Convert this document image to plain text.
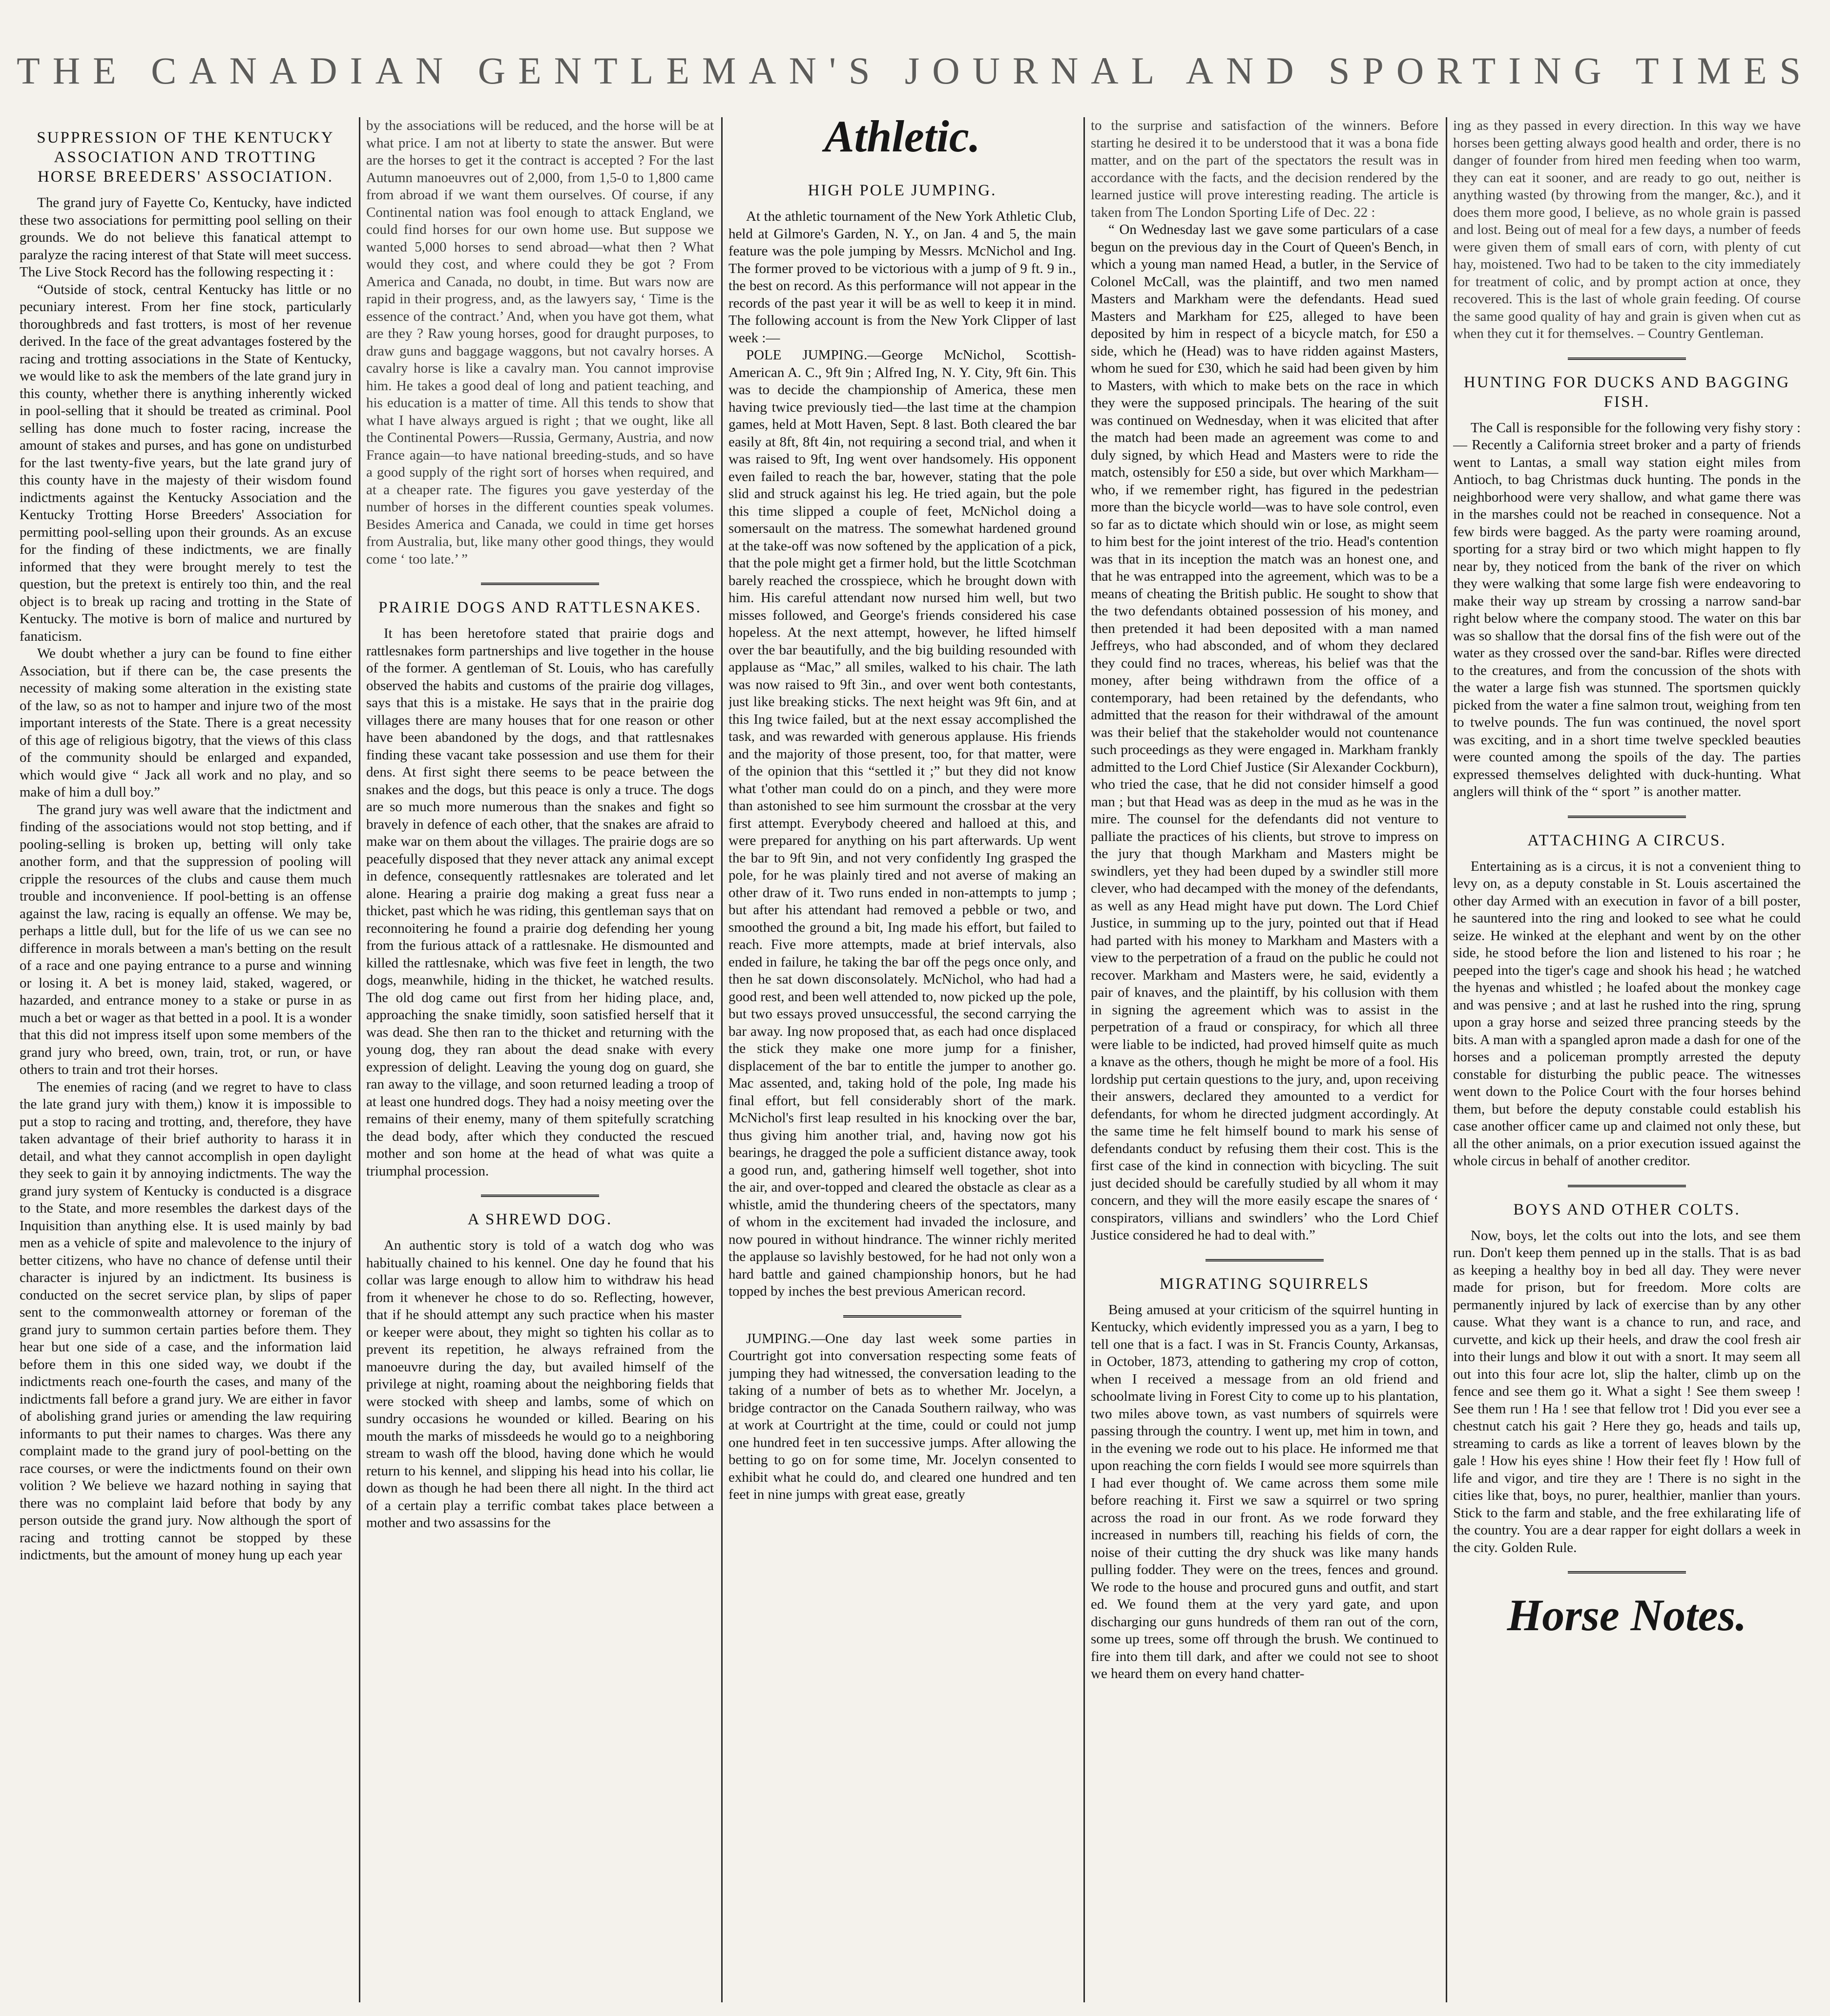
THE CANADIAN GENTLEMAN'S JOURNAL AND SPORTING TIMES
SUPPRESSION OF THE KENTUCKY ASSOCIATION AND TROTTING HORSE BREEDERS' ASSOCIATION.

The grand jury of Fayette Co, Kentucky, have indicted these two associations for permitting pool selling on their grounds. We do not believe this fanatical attempt to paralyze the racing interest of that State will meet success. The Live Stock Record has the following respecting it :

“Outside of stock, central Kentucky has little or no pecuniary interest. From her fine stock, particularly thoroughbreds and fast trotters, is most of her revenue derived. In the face of the great advantages fostered by the racing and trotting associations in the State of Kentucky, we would like to ask the members of the late grand jury in this county, whether there is anything inherently wicked in pool-selling that it should be treated as criminal. Pool selling has done much to foster racing, increase the amount of stakes and purses, and has gone on undisturbed for the last twenty-five years, but the late grand jury of this county have in the majesty of their wisdom found indictments against the Kentucky Association and the Kentucky Trotting Horse Breeders' Association for permitting pool-selling upon their grounds. As an excuse for the finding of these indictments, we are finally informed that they were brought merely to test the question, but the pretext is entirely too thin, and the real object is to break up racing and trotting in the State of Kentucky. The motive is born of malice and nurtured by fanaticism.

We doubt whether a jury can be found to fine either Association, but if there can be, the case presents the necessity of making some alteration in the existing state of the law, so as not to hamper and injure two of the most important interests of the State. There is a great necessity of this age of religious bigotry, that the views of this class of the community should be enlarged and expanded, which would give “ Jack all work and no play, and so make of him a dull boy.”

The grand jury was well aware that the indictment and finding of the associations would not stop betting, and if pooling-selling is broken up, betting will only take another form, and that the suppression of pooling will cripple the resources of the clubs and cause them much trouble and inconvenience. If pool-betting is an offense against the law, racing is equally an offense. We may be, perhaps a little dull, but for the life of us we can see no difference in morals between a man's betting on the result of a race and one paying entrance to a purse and winning or losing it. A bet is money laid, staked, wagered, or hazarded, and entrance money to a stake or purse in as much a bet or wager as that betted in a pool. It is a wonder that this did not impress itself upon some members of the grand jury who breed, own, train, trot, or run, or have others to train and trot their horses.

The enemies of racing (and we regret to have to class the late grand jury with them,) know it is impossible to put a stop to racing and trotting, and, therefore, they have taken advantage of their brief authority to harass it in detail, and what they cannot accomplish in open daylight they seek to gain it by annoying indictments. The way the grand jury system of Kentucky is conducted is a disgrace to the State, and more resembles the darkest days of the Inquisition than anything else. It is used mainly by bad men as a vehicle of spite and malevolence to the injury of better citizens, who have no chance of defense until their character is injured by an indictment. Its business is conducted on the secret service plan, by slips of paper sent to the commonwealth attorney or foreman of the grand jury to summon certain parties before them. They hear but one side of a case, and the information laid before them in this one sided way, we doubt if the indictments reach one-fourth the cases, and many of the indictments fall before a grand jury. We are either in favor of abolishing grand juries or amending the law requiring informants to put their names to charges. Was there any complaint made to the grand jury of pool-betting on the race courses, or were the indictments found on their own volition ? We believe we hazard nothing in saying that there was no complaint laid before that body by any person outside the grand jury. Now although the sport of racing and trotting cannot be stopped by these indictments, but the amount of money hung up each year

by the associations will be reduced, and the horse will be at what price. I am not at liberty to state the answer. But were are the horses to get it the contract is accepted ? For the last Autumn manoeuvres out of 2,000, from 1,5-0 to 1,800 came from abroad if we want them ourselves. Of course, if any Continental nation was fool enough to attack England, we could find horses for our own home use. But suppose we wanted 5,000 horses to send abroad—what then ? What would they cost, and where could they be got ? From America and Canada, no doubt, in time. But wars now are rapid in their progress, and, as the lawyers say, ‘ Time is the essence of the contract.’ And, when you have got them, what are they ? Raw young horses, good for draught purposes, to draw guns and baggage waggons, but not cavalry horses. A cavalry horse is like a cavalry man. You cannot improvise him. He takes a good deal of long and patient teaching, and his education is a matter of time. All this tends to show that what I have always argued is right ; that we ought, like all the Continental Powers—Russia, Germany, Austria, and now France again—to have national breeding-studs, and so have a good supply of the right sort of horses when required, and at a cheaper rate. The figures you gave yesterday of the number of horses in the different counties speak volumes. Besides America and Canada, we could in time get horses from Australia, but, like many other good things, they would come ‘ too late.’ ”

PRAIRIE DOGS AND RATTLESNAKES.

It has been heretofore stated that prairie dogs and rattlesnakes form partnerships and live together in the house of the former. A gentleman of St. Louis, who has carefully observed the habits and customs of the prairie dog villages, says that this is a mistake. He says that in the prairie dog villages there are many houses that for one reason or other have been abandoned by the dogs, and that rattlesnakes finding these vacant take possession and use them for their dens. At first sight there seems to be peace between the snakes and the dogs, but this peace is only a truce. The dogs are so much more numerous than the snakes and fight so bravely in defence of each other, that the snakes are afraid to make war on them about the villages. The prairie dogs are so peacefully disposed that they never attack any animal except in defence, consequently rattlesnakes are tolerated and let alone. Hearing a prairie dog making a great fuss near a thicket, past which he was riding, this gentleman says that on reconnoitering he found a prairie dog defending her young from the furious attack of a rattlesnake. He dismounted and killed the rattlesnake, which was five feet in length, the two dogs, meanwhile, hiding in the thicket, he watched results. The old dog came out first from her hiding place, and, approaching the snake timidly, soon satisfied herself that it was dead. She then ran to the thicket and returning with the young dog, they ran about the dead snake with every expression of delight. Leaving the young dog on guard, she ran away to the village, and soon returned leading a troop of at least one hundred dogs. They had a noisy meeting over the remains of their enemy, many of them spitefully scratching the dead body, after which they conducted the rescued mother and son home at the head of what was quite a triumphal procession.

A SHREWD DOG.

An authentic story is told of a watch dog who was habitually chained to his kennel. One day he found that his collar was large enough to allow him to withdraw his head from it whenever he chose to do so. Reflecting, however, that if he should attempt any such practice when his master or keeper were about, they might so tighten his collar as to prevent its repetition, he always refrained from the manoeuvre during the day, but availed himself of the privilege at night, roaming about the neighboring fields that were stocked with sheep and lambs, some of which on sundry occasions he wounded or killed. Bearing on his mouth the marks of missdeeds he would go to a neighboring stream to wash off the blood, having done which he would return to his kennel, and slipping his head into his collar, lie down as though he had been there all night. In the third act of a certain play a terrific combat takes place between a mother and two assassins for the

Athletic.
HIGH POLE JUMPING.

At the athletic tournament of the New York Athletic Club, held at Gilmore's Garden, N. Y., on Jan. 4 and 5, the main feature was the pole jumping by Messrs. McNichol and Ing. The former proved to be victorious with a jump of 9 ft. 9 in., the best on record. As this performance will not appear in the records of the past year it will be as well to keep it in mind. The following account is from the New York Clipper of last week :—

POLE JUMPING.—George McNichol, Scottish-American A. C., 9ft 9in ; Alfred Ing, N. Y. City, 9ft 6in. This was to decide the championship of America, these men having twice previously tied—the last time at the champion games, held at Mott Haven, Sept. 8 last. Both cleared the bar easily at 8ft, 8ft 4in, not requiring a second trial, and when it was raised to 9ft, Ing went over handsomely. His opponent even failed to reach the bar, however, stating that the pole slid and struck against his leg. He tried again, but the pole this time slipped a couple of feet, McNichol doing a somersault on the matress. The somewhat hardened ground at the take-off was now softened by the application of a pick, that the pole might get a firmer hold, but the little Scotchman barely reached the crosspiece, which he brought down with him. His careful attendant now nursed him well, but two misses followed, and George's friends considered his case hopeless. At the next attempt, however, he lifted himself over the bar beautifully, and the big building resounded with applause as “Mac,” all smiles, walked to his chair. The lath was now raised to 9ft 3in., and over went both contestants, just like breaking sticks. The next height was 9ft 6in, and at this Ing twice failed, but at the next essay accomplished the task, and was rewarded with generous applause. His friends and the majority of those present, too, for that matter, were of the opinion that this “settled it ;” but they did not know what t'other man could do on a pinch, and they were more than astonished to see him surmount the crossbar at the very first attempt. Everybody cheered and halloed at this, and were prepared for anything on his part afterwards. Up went the bar to 9ft 9in, and not very confidently Ing grasped the pole, for he was plainly tired and not averse of making an other draw of it. Two runs ended in non-attempts to jump ; but after his attendant had removed a pebble or two, and smoothed the ground a bit, Ing made his effort, but failed to reach. Five more attempts, made at brief intervals, also ended in failure, he taking the bar off the pegs once only, and then he sat down disconsolately. McNichol, who had had a good rest, and been well attended to, now picked up the pole, but two essays proved unsuccessful, the second carrying the bar away. Ing now proposed that, as each had once displaced the stick they make one more jump for a finisher, displacement of the bar to entitle the jumper to another go. Mac assented, and, taking hold of the pole, Ing made his final effort, but fell considerably short of the mark. McNichol's first leap resulted in his knocking over the bar, thus giving him another trial, and, having now got his bearings, he dragged the pole a sufficient distance away, took a good run, and, gathering himself well together, shot into the air, and over-topped and cleared the obstacle as clear as a whistle, amid the thundering cheers of the spectators, many of whom in the excitement had invaded the inclosure, and now poured in without hindrance. The winner richly merited the applause so lavishly bestowed, for he had not only won a hard battle and gained championship honors, but he had topped by inches the best previous American record.

JUMPING.—One day last week some parties in Courtright got into conversation respecting some feats of jumping they had witnessed, the conversation leading to the taking of a number of bets as to whether Mr. Jocelyn, a bridge contractor on the Canada Southern railway, who was at work at Courtright at the time, could or could not jump one hundred feet in ten successive jumps. After allowing the betting to go on for some time, Mr. Jocelyn consented to exhibit what he could do, and cleared one hundred and ten feet in nine jumps with great ease, greatly

to the surprise and satisfaction of the winners. Before starting he desired it to be understood that it was a bona fide matter, and on the part of the spectators the result was in accordance with the facts, and the decision rendered by the learned justice will prove interesting reading. The article is taken from The London Sporting Life of Dec. 22 :

“ On Wednesday last we gave some particulars of a case begun on the previous day in the Court of Queen's Bench, in which a young man named Head, a butler, in the Service of Colonel McCall, was the plaintiff, and two men named Masters and Markham were the defendants. Head sued Masters and Markham for £25, alleged to have been deposited by him in respect of a bicycle match, for £50 a side, which he (Head) was to have ridden against Masters, whom he sued for £30, which he said had been given by him to Masters, with which to make bets on the race in which they were the supposed principals. The hearing of the suit was continued on Wednesday, when it was elicited that after the match had been made an agreement was come to and duly signed, by which Head and Masters were to ride the match, ostensibly for £50 a side, but over which Markham—who, if we remember right, has figured in the pedestrian more than the bicycle world—was to have sole control, even so far as to dictate which should win or lose, as might seem to him best for the joint interest of the trio. Head's contention was that in its inception the match was an honest one, and that he was entrapped into the agreement, which was to be a means of cheating the British public. He sought to show that the two defendants obtained possession of his money, and then pretended it had been deposited with a man named Jeffreys, who had absconded, and of whom they declared they could find no traces, whereas, his belief was that the money, after being withdrawn from the office of a contemporary, had been retained by the defendants, who admitted that the reason for their withdrawal of the amount was their belief that the stakeholder would not countenance such proceedings as they were engaged in. Markham frankly admitted to the Lord Chief Justice (Sir Alexander Cockburn), who tried the case, that he did not consider himself a good man ; but that Head was as deep in the mud as he was in the mire. The counsel for the defendants did not venture to palliate the practices of his clients, but strove to impress on the jury that though Markham and Masters might be swindlers, yet they had been duped by a swindler still more clever, who had decamped with the money of the defendants, as well as any Head might have put down. The Lord Chief Justice, in summing up to the jury, pointed out that if Head had parted with his money to Markham and Masters with a view to the perpetration of a fraud on the public he could not recover. Markham and Masters were, he said, evidently a pair of knaves, and the plaintiff, by his collusion with them in signing the agreement which was to assist in the perpetration of a fraud or conspiracy, for which all three were liable to be indicted, had proved himself quite as much a knave as the others, though he might be more of a fool. His lordship put certain questions to the jury, and, upon receiving their answers, declared they amounted to a verdict for defendants, for whom he directed judgment accordingly. At the same time he felt himself bound to mark his sense of defendants conduct by refusing them their cost. This is the first case of the kind in connection with bicycling. The suit just decided should be carefully studied by all whom it may concern, and they will the more easily escape the snares of ‘ conspirators, villians and swindlers’ who the Lord Chief Justice considered he had to deal with.”

MIGRATING SQUIRRELS

Being amused at your criticism of the squirrel hunting in Kentucky, which evidently impressed you as a yarn, I beg to tell one that is a fact. I was in St. Francis County, Arkansas, in October, 1873, attending to gathering my crop of cotton, when I received a message from an old friend and schoolmate living in Forest City to come up to his plantation, two miles above town, as vast numbers of squirrels were passing through the country. I went up, met him in town, and in the evening we rode out to his place. He informed me that upon reaching the corn fields I would see more squirrels than I had ever thought of. We came across them some mile before reaching it. First we saw a squirrel or two spring across the road in our front. As we rode forward they increased in numbers till, reaching his fields of corn, the noise of their cutting the dry shuck was like many hands pulling fodder. They were on the trees, fences and ground. We rode to the house and procured guns and outfit, and start ed. We found them at the very yard gate, and upon discharging our guns hundreds of them ran out of the corn, some up trees, some off through the brush. We continued to fire into them till dark, and after we could not see to shoot we heard them on every hand chatter-

ing as they passed in every direction. In this way we have horses been getting always good health and order, there is no danger of founder from hired men feeding when too warm, they can eat it sooner, and are ready to go out, neither is anything wasted (by throwing from the manger, &c.), and it does them more good, I believe, as no whole grain is passed and lost. Being out of meal for a few days, a number of feeds were given them of small ears of corn, with plenty of cut hay, moistened. Two had to be taken to the city immediately for treatment of colic, and by prompt action at once, they recovered. This is the last of whole grain feeding. Of course the same good quality of hay and grain is given when cut as when they cut it for themselves. – Country Gentleman.

HUNTING FOR DUCKS AND BAGGING FISH.

The Call is responsible for the following very fishy story :— Recently a California street broker and a party of friends went to Lantas, a small way station eight miles from Antioch, to bag Christmas duck hunting. The ponds in the neighborhood were very shallow, and what game there was in the marshes could not be reached in consequence. Not a few birds were bagged. As the party were roaming around, sporting for a stray bird or two which might happen to fly near by, they noticed from the bank of the river on which they were walking that some large fish were endeavoring to make their way up stream by crossing a narrow sand-bar right below where the company stood. The water on this bar was so shallow that the dorsal fins of the fish were out of the water as they crossed over the sand-bar. Rifles were directed to the creatures, and from the concussion of the shots with the water a large fish was stunned. The sportsmen quickly picked from the water a fine salmon trout, weighing from ten to twelve pounds. The fun was continued, the novel sport was exciting, and in a short time twelve speckled beauties were counted among the spoils of the day. The parties expressed themselves delighted with duck-hunting. What anglers will think of the “ sport ” is another matter.

ATTACHING A CIRCUS.

Entertaining as is a circus, it is not a convenient thing to levy on, as a deputy constable in St. Louis ascertained the other day Armed with an execution in favor of a bill poster, he sauntered into the ring and looked to see what he could seize. He winked at the elephant and went by on the other side, he stood before the lion and listened to his roar ; he peeped into the tiger's cage and shook his head ; he watched the hyenas and whistled ; he loafed about the monkey cage and was pensive ; and at last he rushed into the ring, sprung upon a gray horse and seized three prancing steeds by the bits. A man with a spangled apron made a dash for one of the horses and a policeman promptly arrested the deputy constable for disturbing the public peace. The witnesses went down to the Police Court with the four horses behind them, but before the deputy constable could establish his case another officer came up and claimed not only these, but all the other animals, on a prior execution issued against the whole circus in behalf of another creditor.

BOYS AND OTHER COLTS.

Now, boys, let the colts out into the lots, and see them run. Don't keep them penned up in the stalls. That is as bad as keeping a healthy boy in bed all day. They were never made for prison, but for freedom. More colts are permanently injured by lack of exercise than by any other cause. What they want is a chance to run, and race, and curvette, and kick up their heels, and draw the cool fresh air into their lungs and blow it out with a snort. It may seem all out into this four acre lot, slip the halter, climb up on the fence and see them go it. What a sight ! See them sweep ! See them run ! Ha ! see that fellow trot ! Did you ever see a chestnut catch his gait ? Here they go, heads and tails up, streaming to cards as like a torrent of leaves blown by the gale ! How his eyes shine ! How their feet fly ! How full of life and vigor, and tire they are ! There is no sight in the cities like that, boys, no purer, healthier, manlier than yours. Stick to the farm and stable, and the free exhilarating life of the country. You are a dear rapper for eight dollars a week in the city. Golden Rule.

Horse Notes.
